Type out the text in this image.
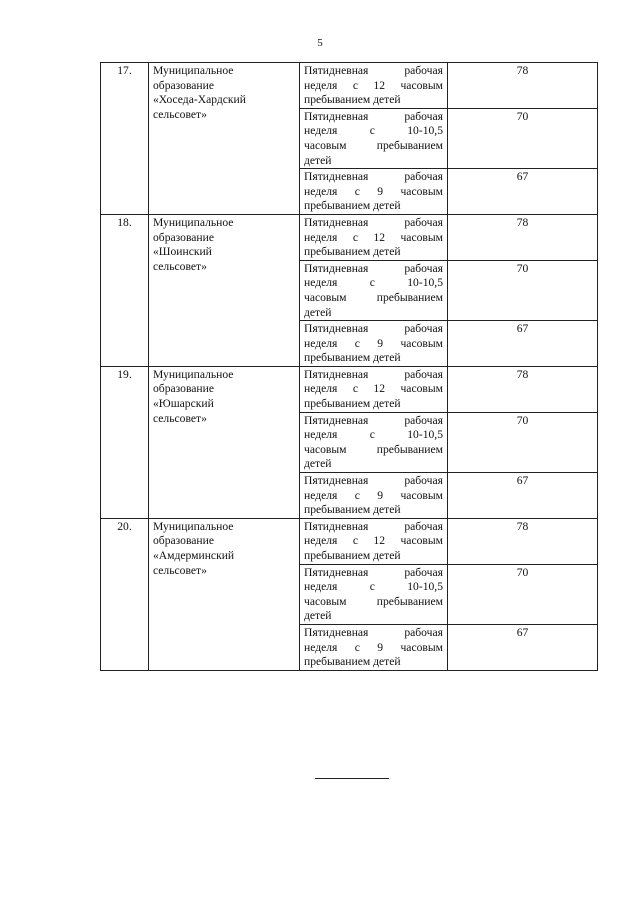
5
17.	Муниципальное
образование
«Хоседа-Хардский
сельсовет»	Пятидневная рабочая
неделя с 12 часовым
пребыванием детей	78

		Пятидневная рабочая
неделя с 10-10,5
часовым пребыванием
детей	70

		Пятидневная рабочая
неделя с 9 часовым
пребыванием детей	67
18.	Муниципальное
образование
«Шоинский
сельсовет»	Пятидневная рабочая
неделя с 12 часовым
пребыванием детей	78

		Пятидневная рабочая
неделя с 10-10,5
часовым пребыванием
детей	70

		Пятидневная рабочая
неделя с 9 часовым
пребыванием детей	67
19.	Муниципальное
образование
«Юшарский
сельсовет»	Пятидневная рабочая
неделя с 12 часовым
пребыванием детей	78

		Пятидневная рабочая
неделя с 10-10,5
часовым пребыванием
детей	70

		Пятидневная рабочая
неделя с 9 часовым
пребыванием детей	67
20.	Муниципальное
образование
«Амдерминский
сельсовет»	Пятидневная рабочая
неделя с 12 часовым
пребыванием детей	78

		Пятидневная рабочая
неделя с 10-10,5
часовым пребыванием
детей	70

		Пятидневная рабочая
неделя с 9 часовым
пребыванием детей	67
